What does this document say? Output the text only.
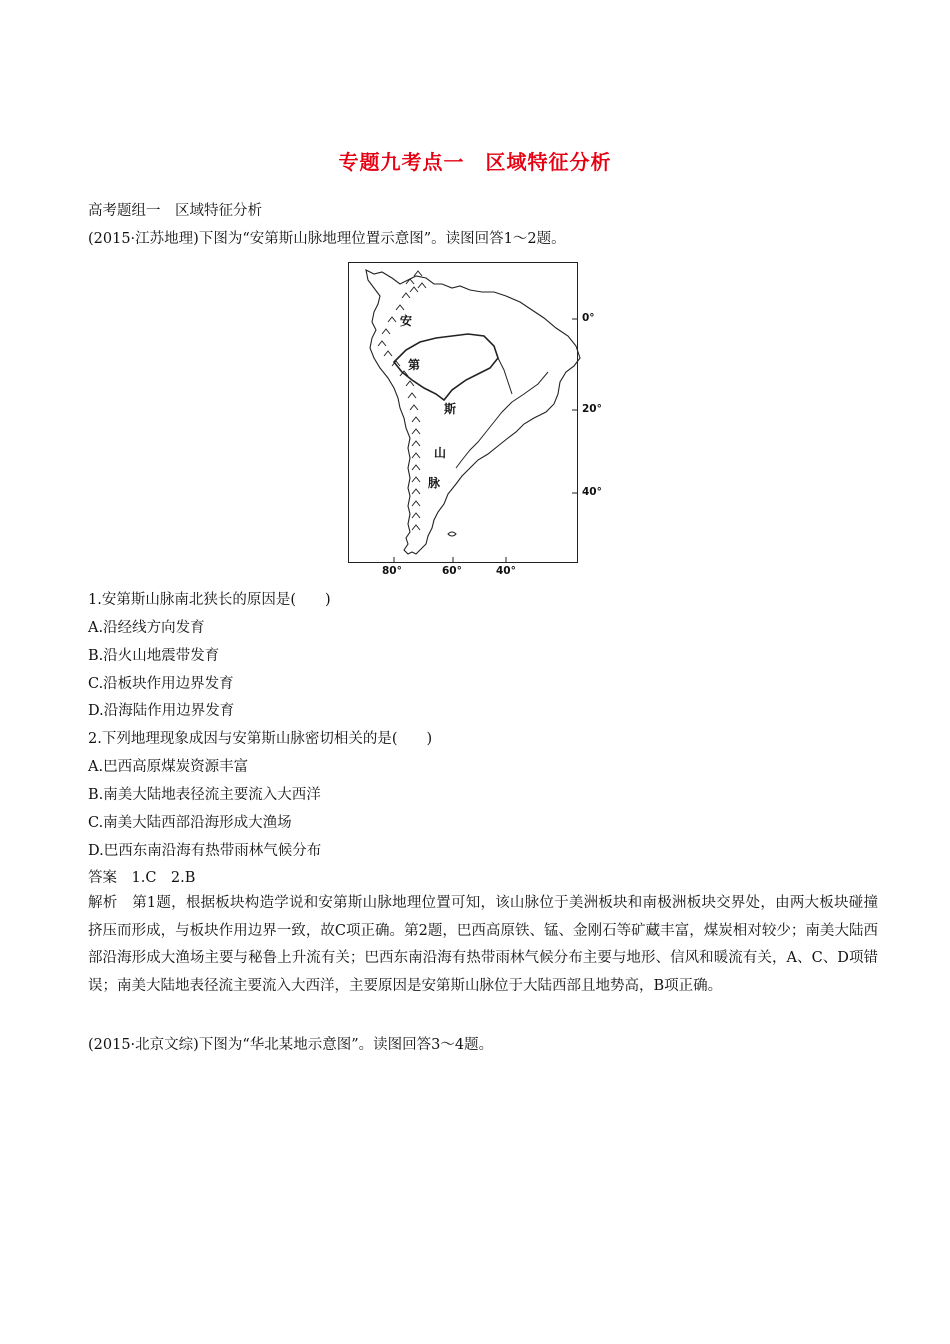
专题九考点一　区域特征分析
高考题组一　区域特征分析
(2015·江苏地理)下图为“安第斯山脉地理位置示意图”。读图回答1～2题。
安
第
斯
山
脉
0°
20°
40°
80°	60°	40°
1.安第斯山脉南北狭长的原因是(　　)
A.沿经线方向发育
B.沿火山地震带发育
C.沿板块作用边界发育
D.沿海陆作用边界发育
2.下列地理现象成因与安第斯山脉密切相关的是(　　)
A.巴西高原煤炭资源丰富
B.南美大陆地表径流主要流入大西洋
C.南美大陆西部沿海形成大渔场
D.巴西东南沿海有热带雨林气候分布
答案　1.C　2.B
解析　第1题，根据板块构造学说和安第斯山脉地理位置可知，该山脉位于美洲板块和南极洲板块交界处，由两大板块碰撞挤压而形成，与板块作用边界一致，故C项正确。第2题，巴西高原铁、锰、金刚石等矿藏丰富，煤炭相对较少；南美大陆西部沿海形成大渔场主要与秘鲁上升流有关；巴西东南沿海有热带雨林气候分布主要与地形、信风和暖流有关，A、C、D项错误；南美大陆地表径流主要流入大西洋，主要原因是安第斯山脉位于大陆西部且地势高，B项正确。
(2015·北京文综)下图为“华北某地示意图”。读图回答3～4题。
